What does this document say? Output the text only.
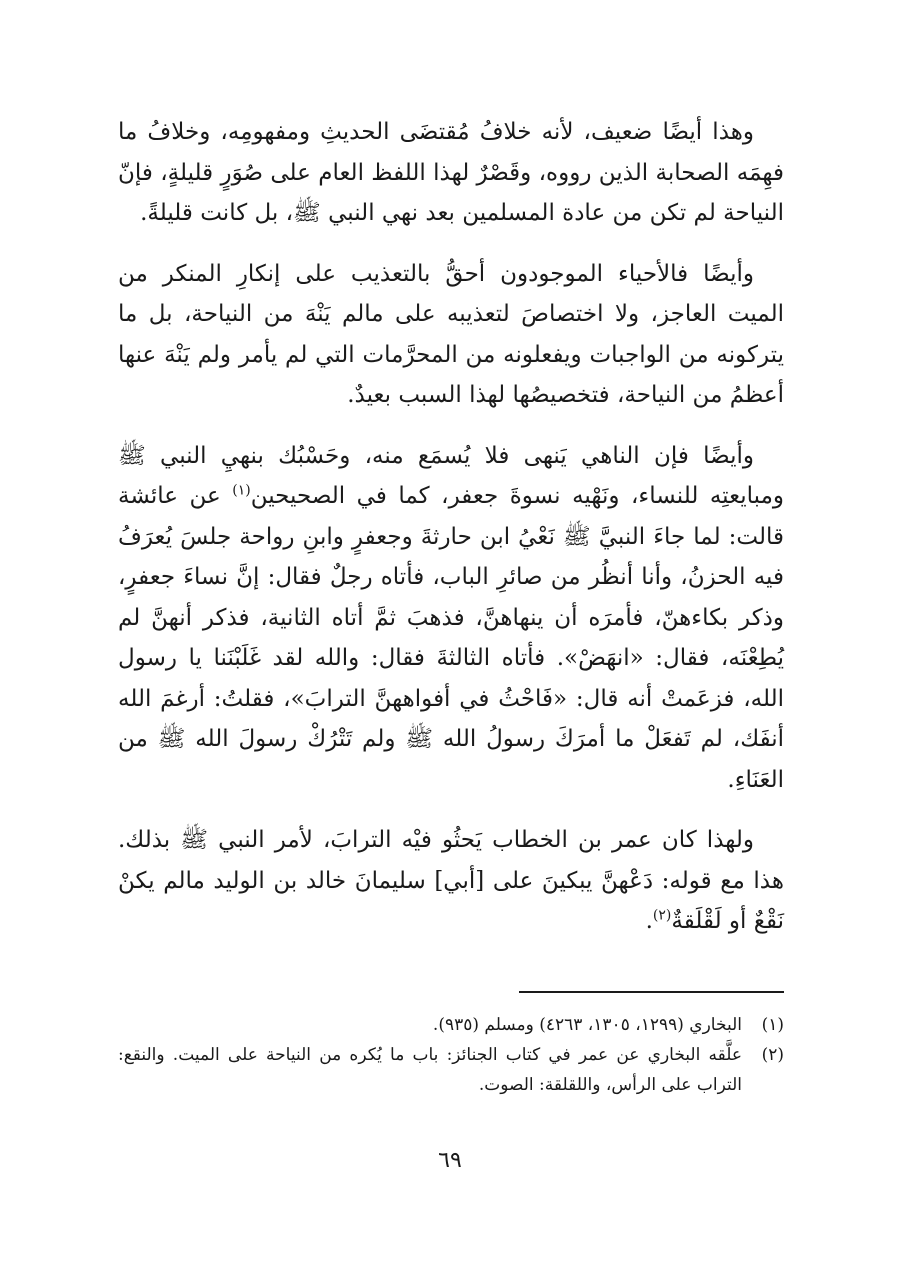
وهذا أيضًا ضعيف، لأنه خلافُ مُقتضَى الحديثِ ومفهومِه، وخلافُ ما فهِمَه الصحابة الذين رووه، وقَصْرٌ لهذا اللفظ العام على صُوَرٍ قليلةٍ، فإنّ النياحة لم تكن من عادة المسلمين بعد نهي النبي ﷺ، بل كانت قليلةً.

وأيضًا فالأحياء الموجودون أحقُّ بالتعذيب على إنكارِ المنكر من الميت العاجز، ولا اختصاصَ لتعذيبه على مالم يَنْهَ من النياحة، بل ما يتركونه من الواجبات ويفعلونه من المحرَّمات التي لم يأمر ولم يَنْهَ عنها أعظمُ من النياحة، فتخصيصُها لهذا السبب بعيدٌ.

وأيضًا فإن الناهي يَنهى فلا يُسمَع منه، وحَسْبُك بنهيِ النبي ﷺ ومبايعتِه للنساء، ونَهْيه نسوةَ جعفر، كما في الصحيحين$^{(١)}$ عن عائشة قالت: لما جاءَ النبيَّ ﷺ نَعْيُ ابن حارثةَ وجعفرٍ وابنِ رواحة جلسَ يُعرَفُ فيه الحزنُ، وأنا أنظُر من صائرِ الباب، فأتاه رجلٌ فقال: إنَّ نساءَ جعفرٍ، وذكر بكاءهنّ، فأمرَه أن ينهاهنَّ، فذهبَ ثمَّ أتاه الثانية، فذكر أنهنَّ لم يُطِعْنَه، فقال: «انهَضْ». فأتاه الثالثةَ فقال: والله لقد غَلَبْنَنا يا رسول الله، فزعَمتْ أنه قال: «فَاحْثُ في أفواههنَّ الترابَ»، فقلتُ: أرغمَ الله أنفَك، لم تَفعَلْ ما أمرَكَ رسولُ الله ﷺ ولم تَتْرُكْ رسولَ الله ﷺ من العَنَاءِ.

ولهذا كان عمر بن الخطاب يَحثُو فيْه الترابَ، لأمر النبي ﷺ بذلك. هذا مع قوله: دَعْهنَّ يبكينَ على [أبي] سليمانَ خالد بن الوليد مالم يكنْ نَقْعٌ أو لَقْلَقةٌ$^{(٢)}$.

(١)
البخاري (١٢٩٩، ١٣٠٥، ٤٢٦٣) ومسلم (٩٣٥).
(٢)
علَّقه البخاري عن عمر في كتاب الجنائز: باب ما يُكره من النياحة على الميت. والنقع: التراب على الرأس، واللقلقة: الصوت.
٦٩
